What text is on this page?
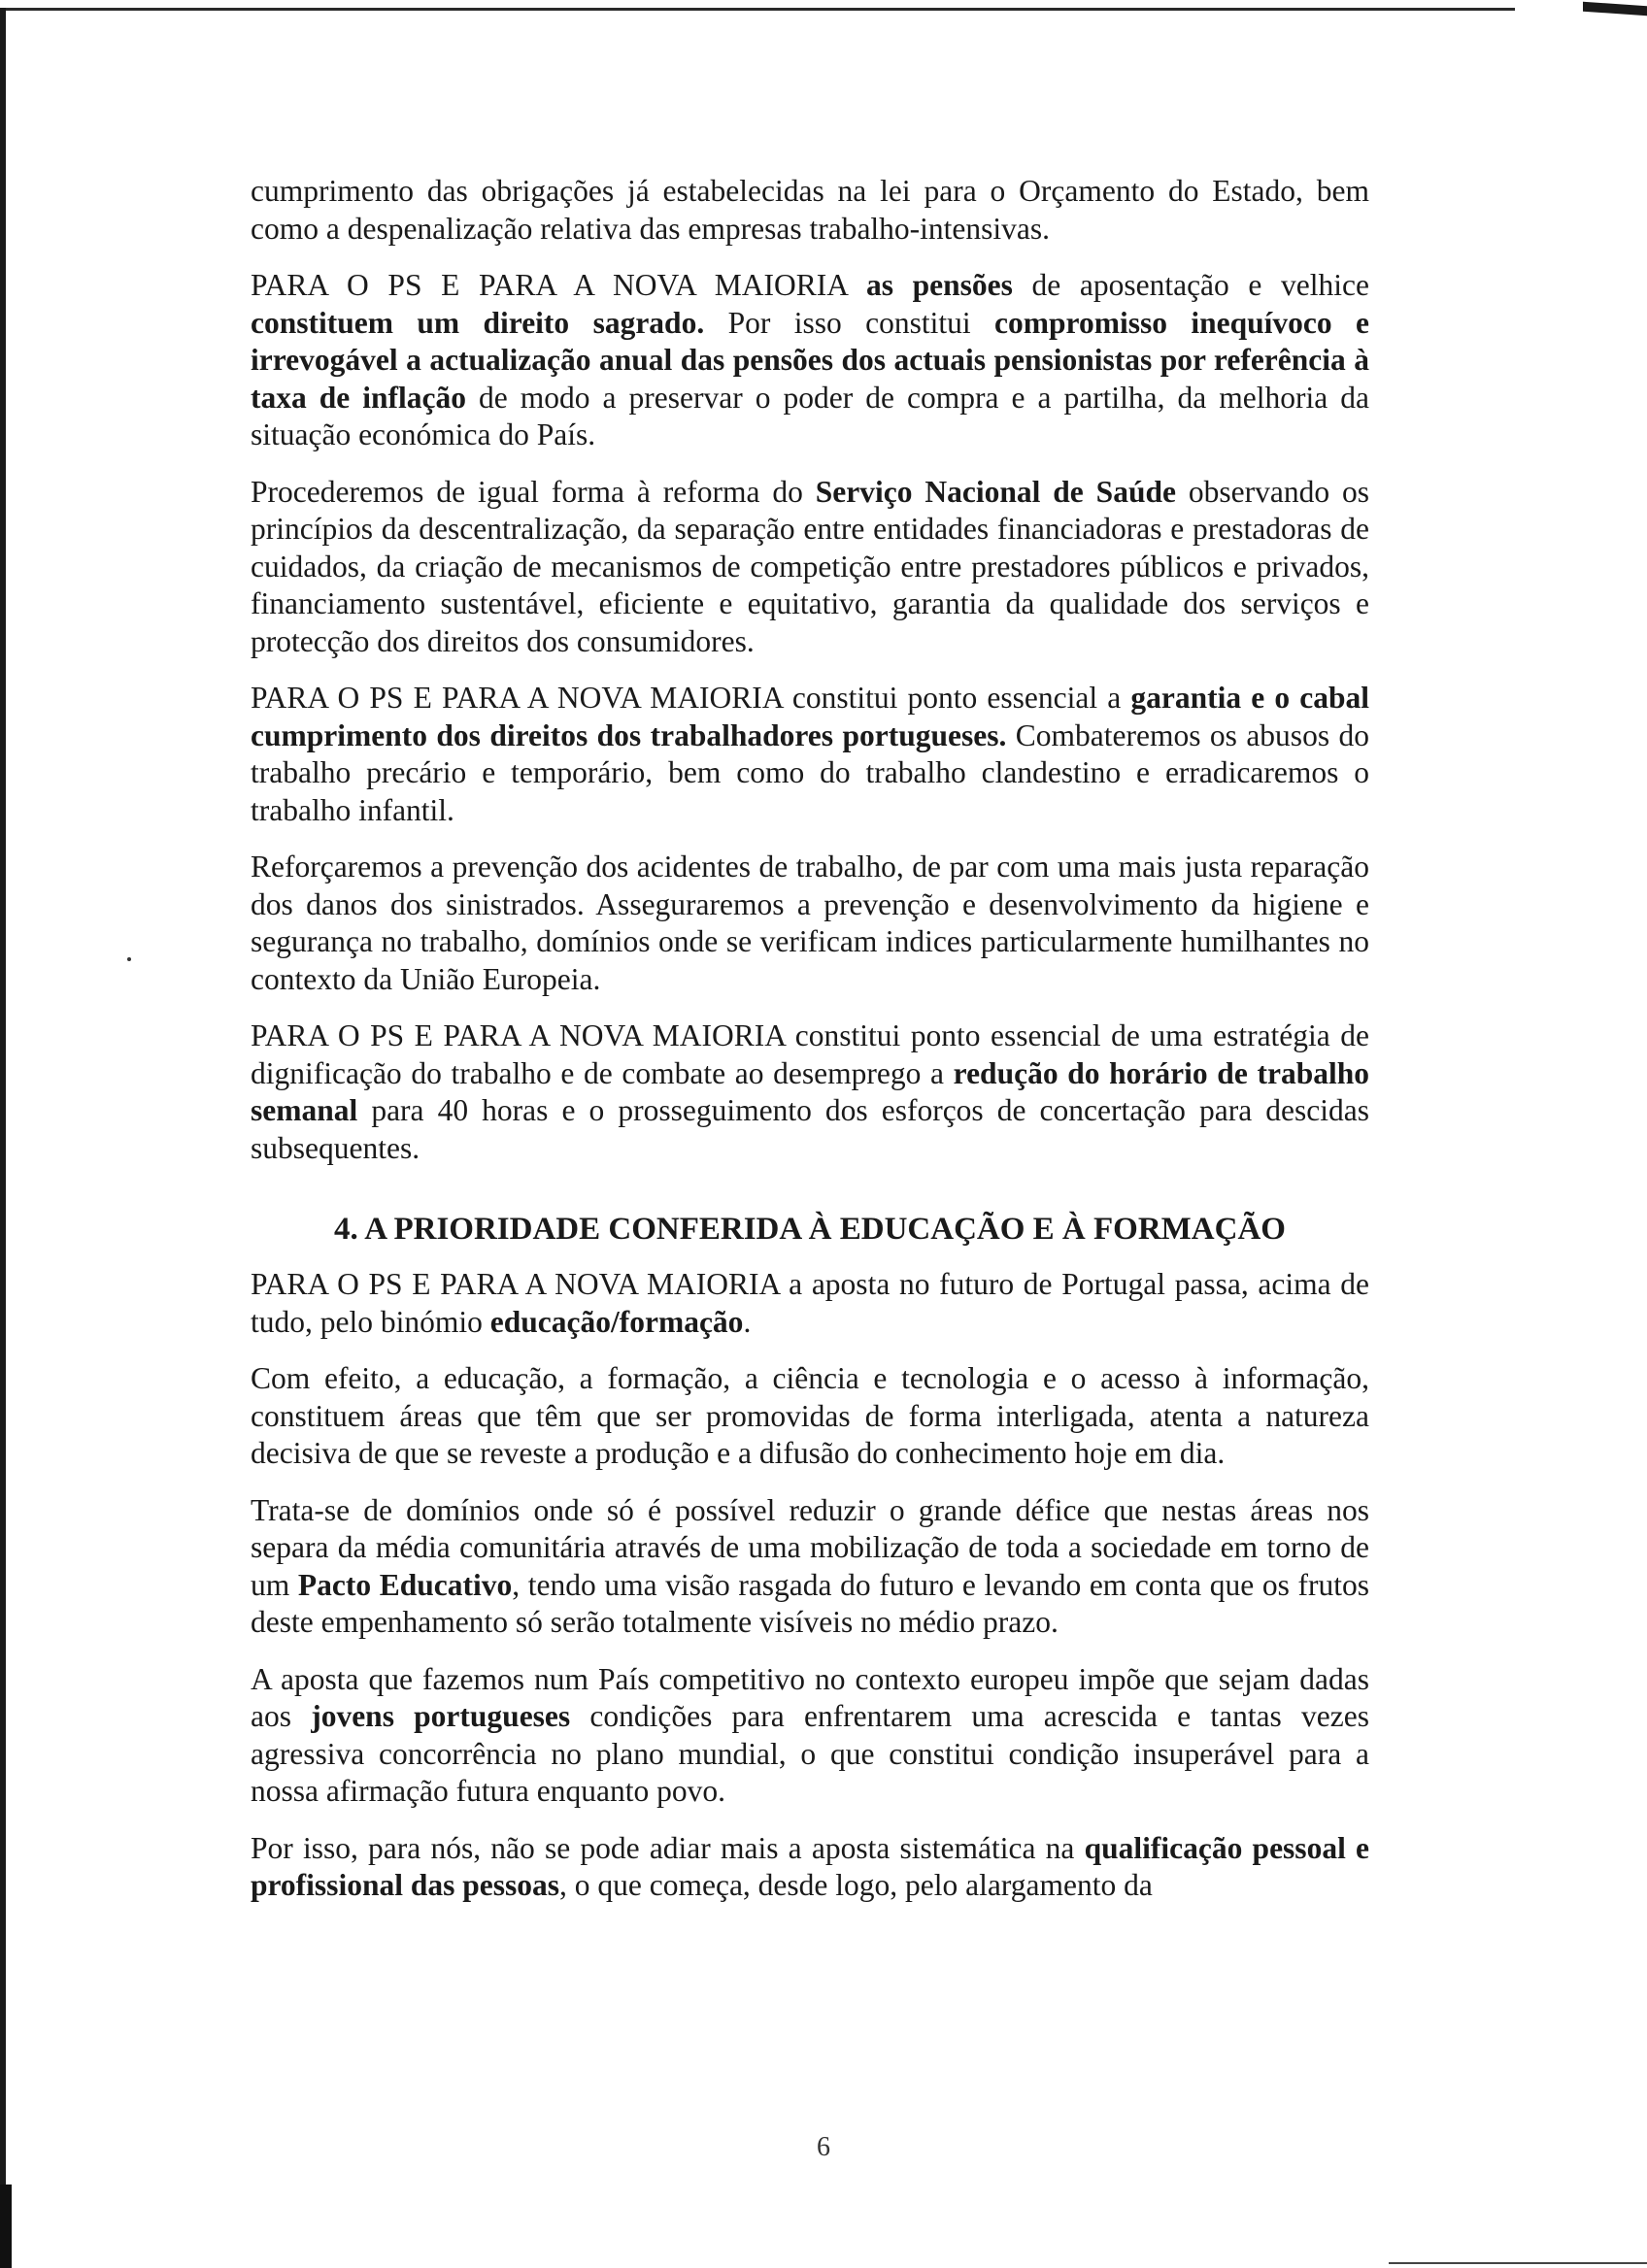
cumprimento das obrigações já estabelecidas na lei para o Orçamento do Estado, bem como a despenalização relativa das empresas trabalho-intensivas.

PARA O PS E PARA A NOVA MAIORIA as pensões de aposentação e velhice constituem um direito sagrado. Por isso constitui compromisso inequívoco e irrevogável a actualização anual das pensões dos actuais pensionistas por referência à taxa de inflação de modo a preservar o poder de compra e a partilha, da melhoria da situação económica do País.

Procederemos de igual forma à reforma do Serviço Nacional de Saúde observando os princípios da descentralização, da separação entre entidades financiadoras e prestadoras de cuidados, da criação de mecanismos de competição entre prestadores públicos e privados, financiamento sustentável, eficiente e equitativo, garantia da qualidade dos serviços e protecção dos direitos dos consumidores.

PARA O PS E PARA A NOVA MAIORIA constitui ponto essencial a garantia e o cabal cumprimento dos direitos dos trabalhadores portugueses. Combateremos os abusos do trabalho precário e temporário, bem como do trabalho clandestino e erradicaremos o trabalho infantil.

Reforçaremos a prevenção dos acidentes de trabalho, de par com uma mais justa reparação dos danos dos sinistrados. Asseguraremos a prevenção e desenvolvimento da higiene e segurança no trabalho, domínios onde se verificam indices particularmente humilhantes no contexto da União Europeia.

PARA O PS E PARA A NOVA MAIORIA constitui ponto essencial de uma estratégia de dignificação do trabalho e de combate ao desemprego a redução do horário de trabalho semanal para 40 horas e o prosseguimento dos esforços de concertação para descidas subsequentes.

4. A PRIORIDADE CONFERIDA À EDUCAÇÃO E À FORMAÇÃO

PARA O PS E PARA A NOVA MAIORIA a aposta no futuro de Portugal passa, acima de tudo, pelo binómio educação/formação.

Com efeito, a educação, a formação, a ciência e tecnologia e o acesso à informação, constituem áreas que têm que ser promovidas de forma interligada, atenta a natureza decisiva de que se reveste a produção e a difusão do conhecimento hoje em dia.

Trata-se de domínios onde só é possível reduzir o grande défice que nestas áreas nos separa da média comunitária através de uma mobilização de toda a sociedade em torno de um Pacto Educativo, tendo uma visão rasgada do futuro e levando em conta que os frutos deste empenhamento só serão totalmente visíveis no médio prazo.

A aposta que fazemos num País competitivo no contexto europeu impõe que sejam dadas aos jovens portugueses condições para enfrentarem uma acrescida e tantas vezes agressiva concorrência no plano mundial, o que constitui condição insuperável para a nossa afirmação futura enquanto povo.

Por isso, para nós, não se pode adiar mais a aposta sistemática na qualificação pessoal e profissional das pessoas, o que começa, desde logo, pelo alargamento da

6
